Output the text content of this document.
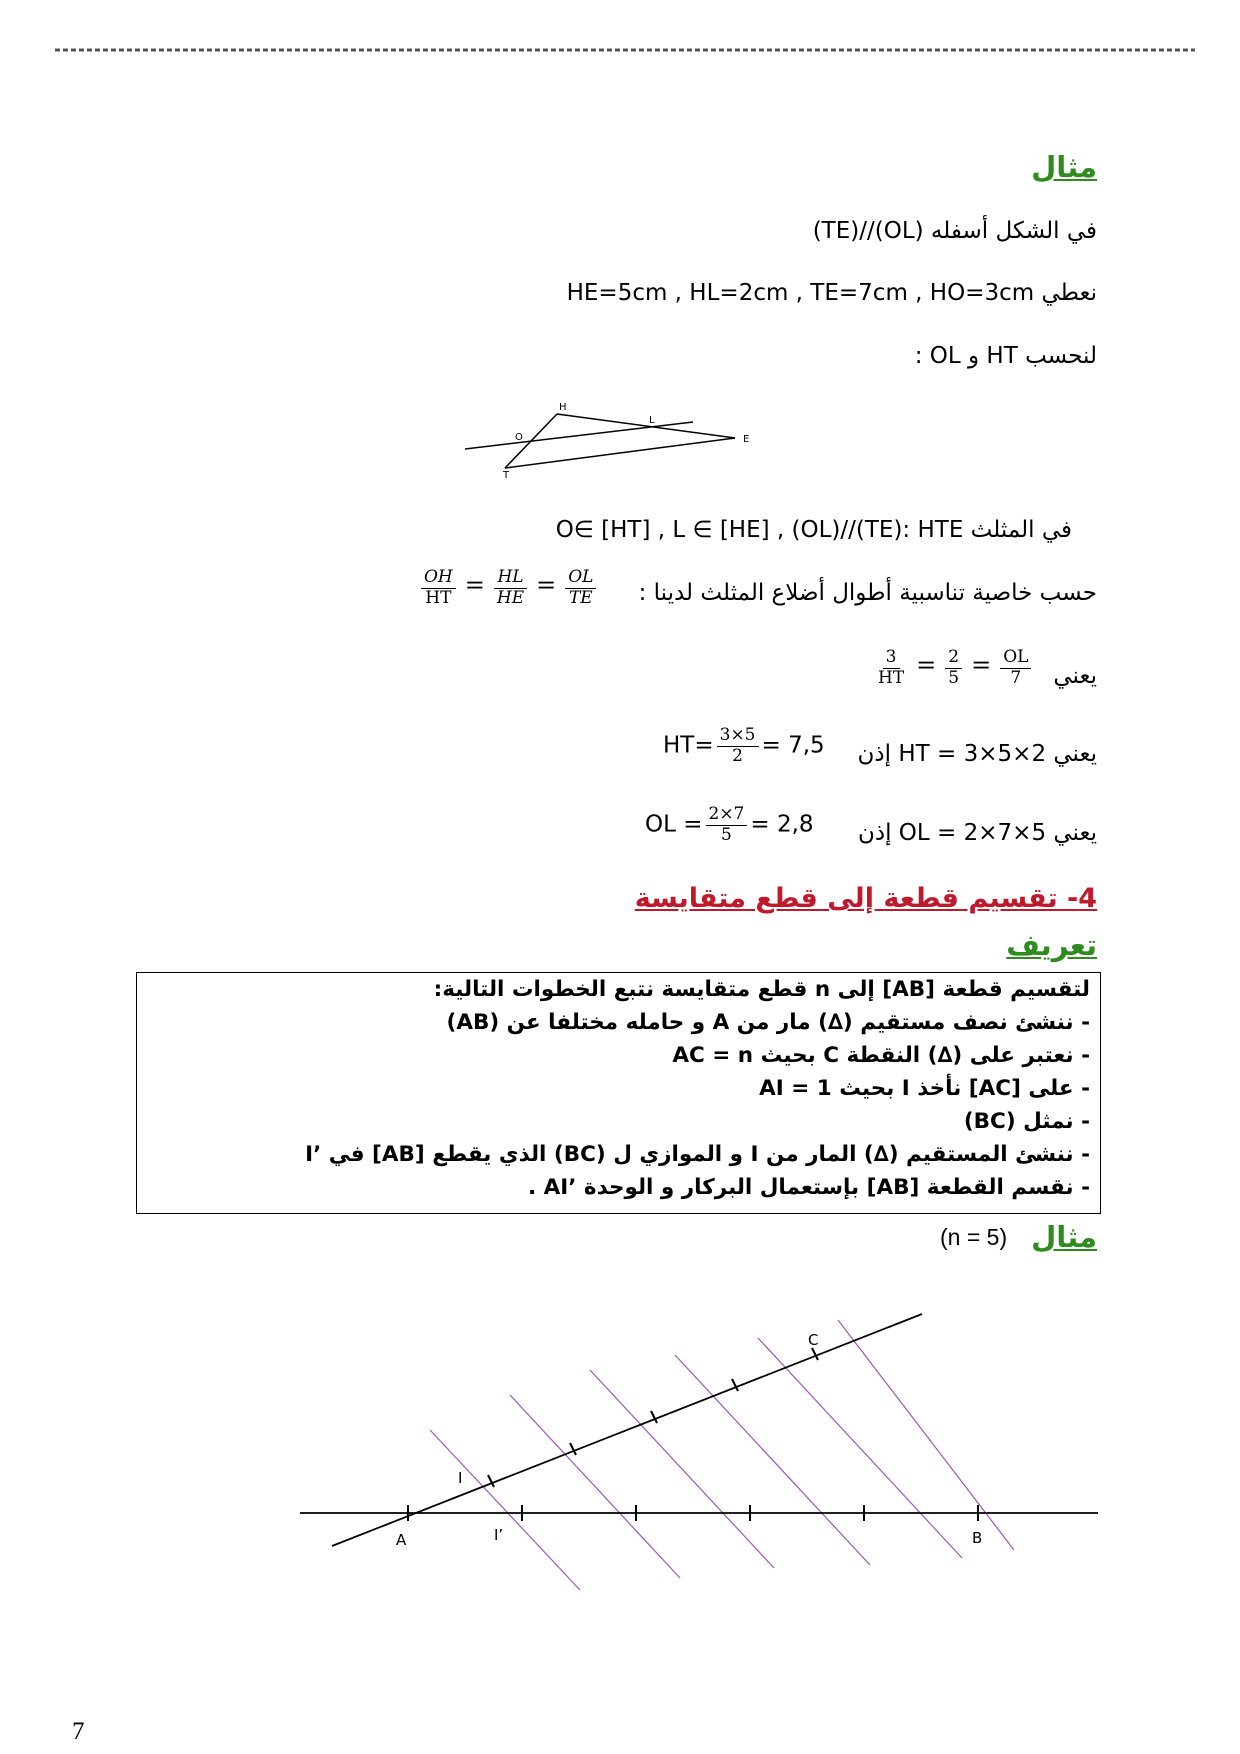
مثال
في الشكل أسفله (OL)//(TE)
نعطي HE=5cm , HL=2cm , TE=7cm , HO=3cm
لنحسب HT و OL :
H
L
O	E
T
في المثلث O∈ [HT] , L ∈ [HE] , (OL)//(TE): HTE
حسب خاصية تناسبية أطوال أضلاع المثلث لدينا :
$\frac{OH}{HT} = \frac{HL}{HE} = \frac{OL}{TE}$
يعني
$\frac{3}{HT} = \frac{2}{5} = \frac{OL}{7}$
يعني 2×HT = 3×5 إذن
$HT= \frac{3\times 5}{2} = 7,5$
يعني 5×OL = 2×7 إذن
OL = $\frac{2\times 7}{5} = 2,8$
4- تقسيم قطعة إلى قطع متقايسة
تعريف
لتقسيم قطعة [AB] إلى n قطع متقايسة نتبع الخطوات التالية:
- ننشئ نصف مستقيم (∆) مار من A و حامله مختلفا عن (AB)
- نعتبر على (∆) النقطة C بحيث AC = n
- على [AC] نأخذ I بحيث AI = 1
- نمثل (BC)
- ننشئ المستقيم (∆) المار من I و الموازي ل (BC) الذي يقطع [AB] في ’I
- نقسم القطعة [AB] بإستعمال البركار و الوحدة ’AI .
مثال
(n = 5)
A	B
C
I
I’
7
